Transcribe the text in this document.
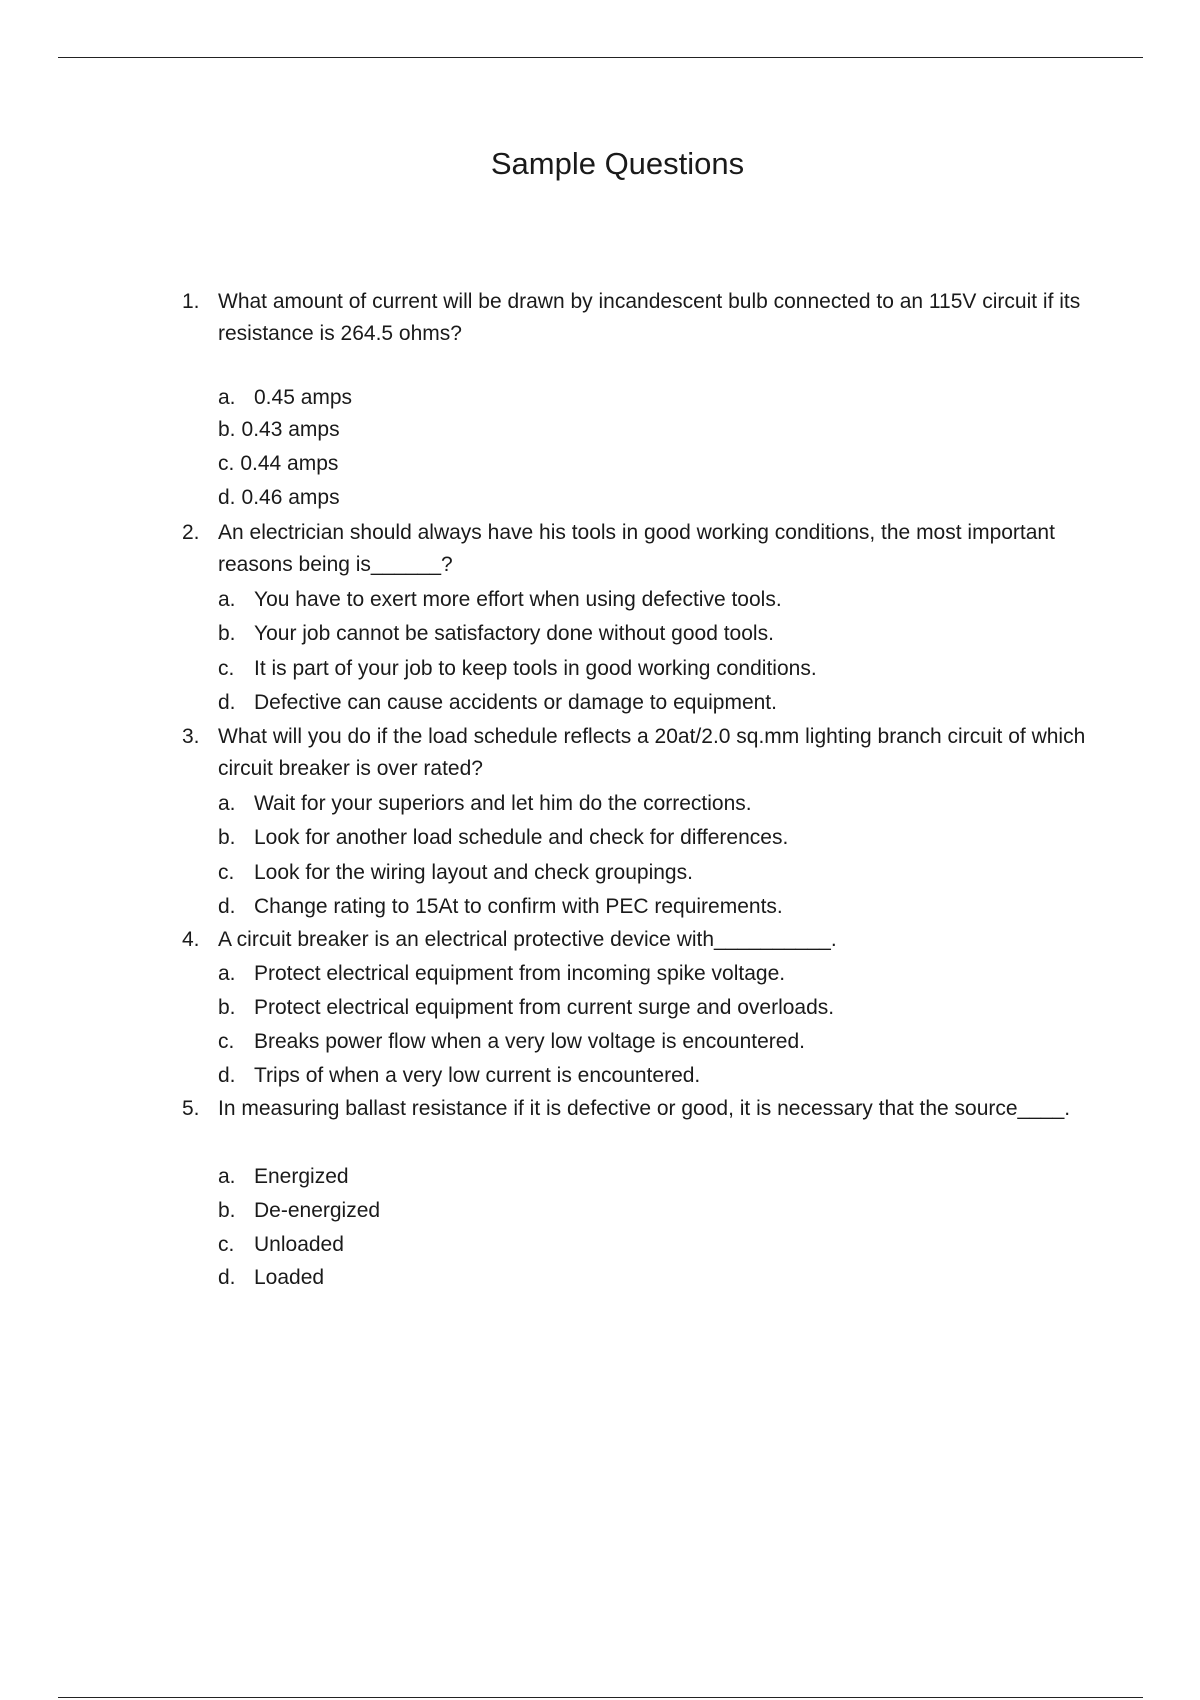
Sample Questions
1. What amount of current will be drawn by incandescent bulb connected to an 115V circuit if its resistance is 264.5 ohms?
a. 0.45 amps
b. 0.43 amps
c. 0.44 amps
d. 0.46 amps
2. An electrician should always have his tools in good working conditions, the most important reasons being is______?
a. You have to exert more effort when using defective tools.
b. Your job cannot be satisfactory done without good tools.
c. It is part of your job to keep tools in good working conditions.
d. Defective can cause accidents or damage to equipment.
3. What will you do if the load schedule reflects a 20at/2.0 sq.mm lighting branch circuit of which circuit breaker is over rated?
a. Wait for your superiors and let him do the corrections.
b. Look for another load schedule and check for differences.
c. Look for the wiring layout and check groupings.
d. Change rating to 15At to confirm with PEC requirements.
4. A circuit breaker is an electrical protective device with__________.
a. Protect electrical equipment from incoming spike voltage.
b. Protect electrical equipment from current surge and overloads.
c. Breaks power flow when a very low voltage is encountered.
d. Trips of when a very low current is encountered.
5. In measuring ballast resistance if it is defective or good, it is necessary that the source____.
a. Energized
b. De-energized
c. Unloaded
d. Loaded
